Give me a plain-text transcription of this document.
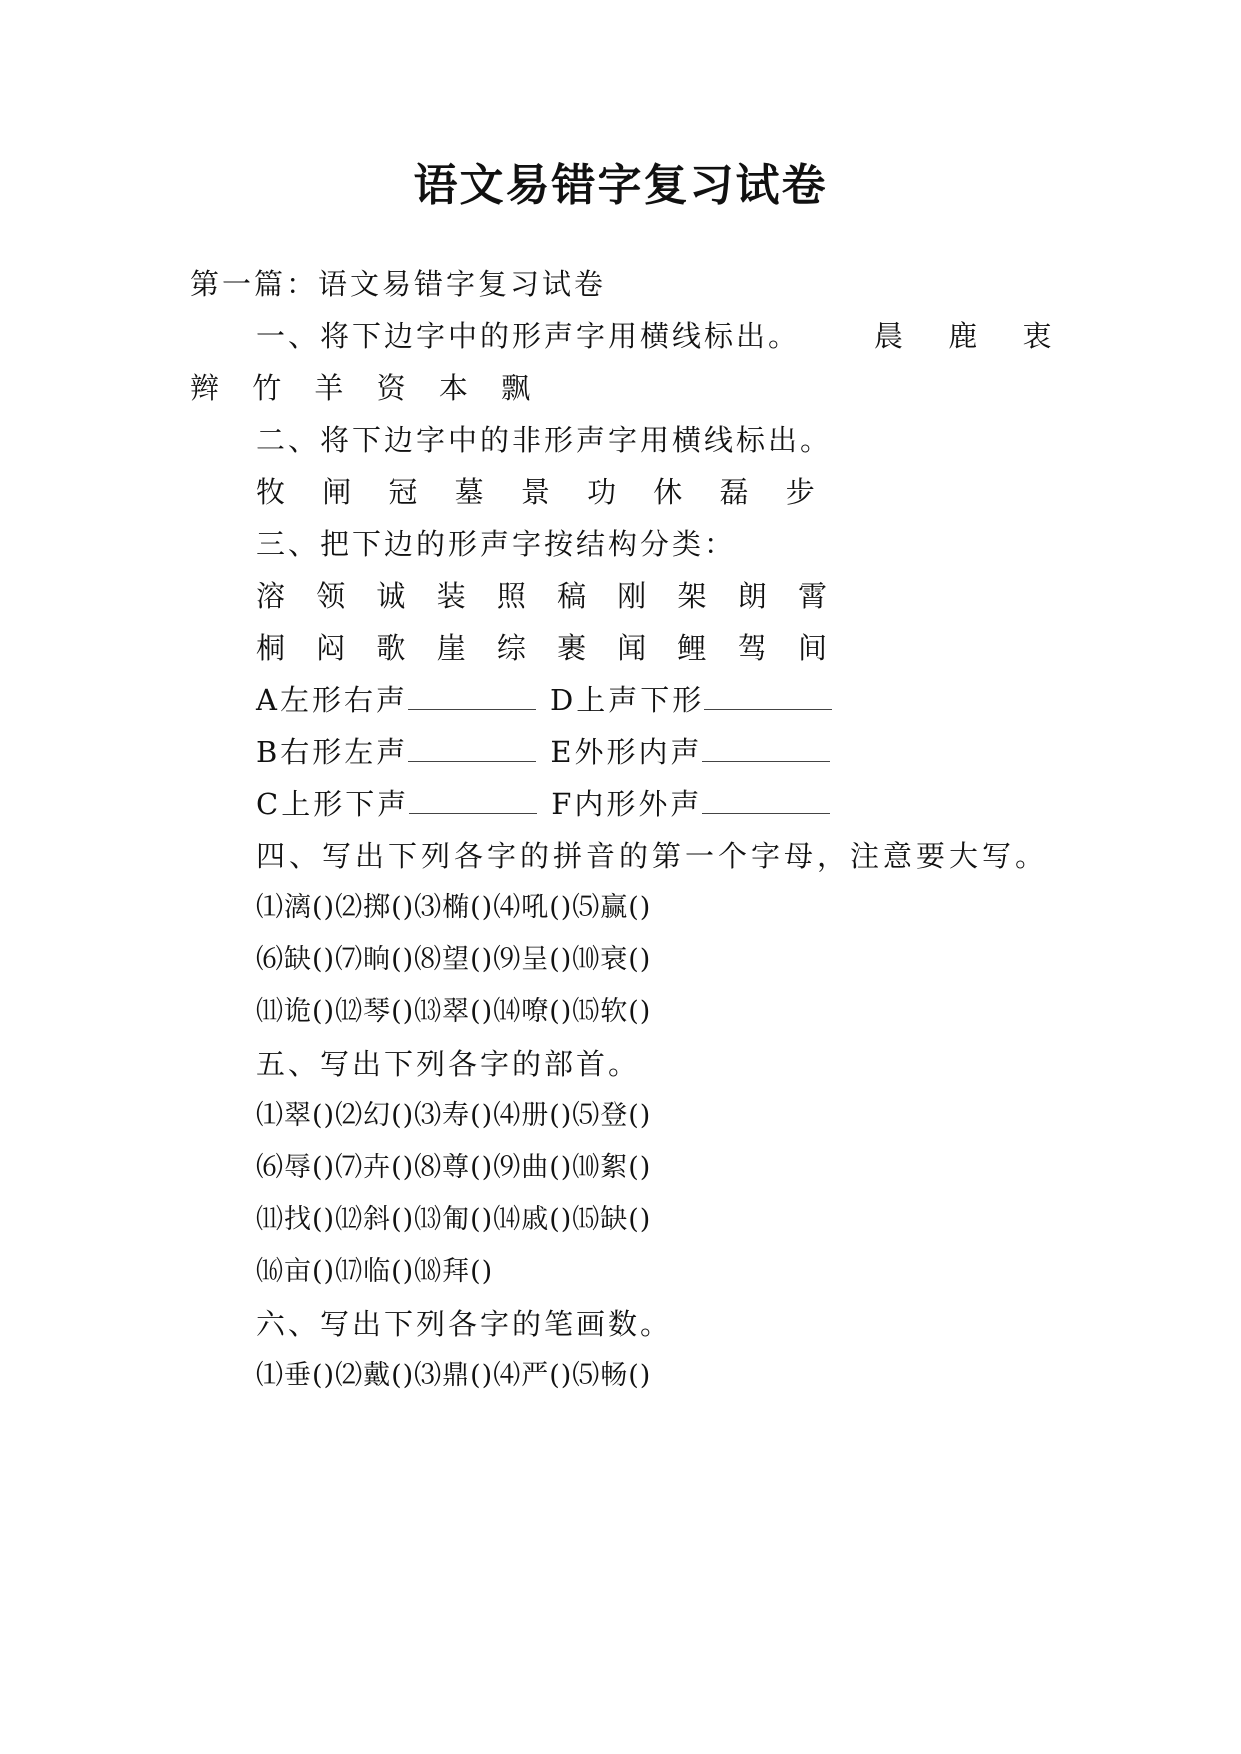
语文易错字复习试卷
第一篇：语文易错字复习试卷
一、将下边字中的形声字用横线标出。	晨 鹿 衷
辫 竹 羊 资 本 飘
二、将下边字中的非形声字用横线标出。
牧 闸 冠 墓 景 功 休 磊 步
三、把下边的形声字按结构分类：
溶 领 诚 装 照 稿 刚 架 朗 霄
桐 闷 歌 崖 综 裹 闻 鲤 驾 间
A左形右声	D上声下形
B右形左声	E外形内声
C上形下声	F内形外声
四、写出下列各字的拼音的第一个字母，注意要大写。
⑴漓()⑵掷()⑶椭()⑷吼()⑸赢()
⑹缺()⑺晌()⑻望()⑼呈()⑽衰()
⑾诡()⑿琴()⒀翠()⒁嘹()⒂软()
五、写出下列各字的部首。
⑴翠()⑵幻()⑶寿()⑷册()⑸登()
⑹辱()⑺卉()⑻尊()⑼曲()⑽絮()
⑾找()⑿斜()⒀匍()⒁戚()⒂缺()
⒃亩()⒄临()⒅拜()
六、写出下列各字的笔画数。
⑴垂()⑵戴()⑶鼎()⑷严()⑸畅()
